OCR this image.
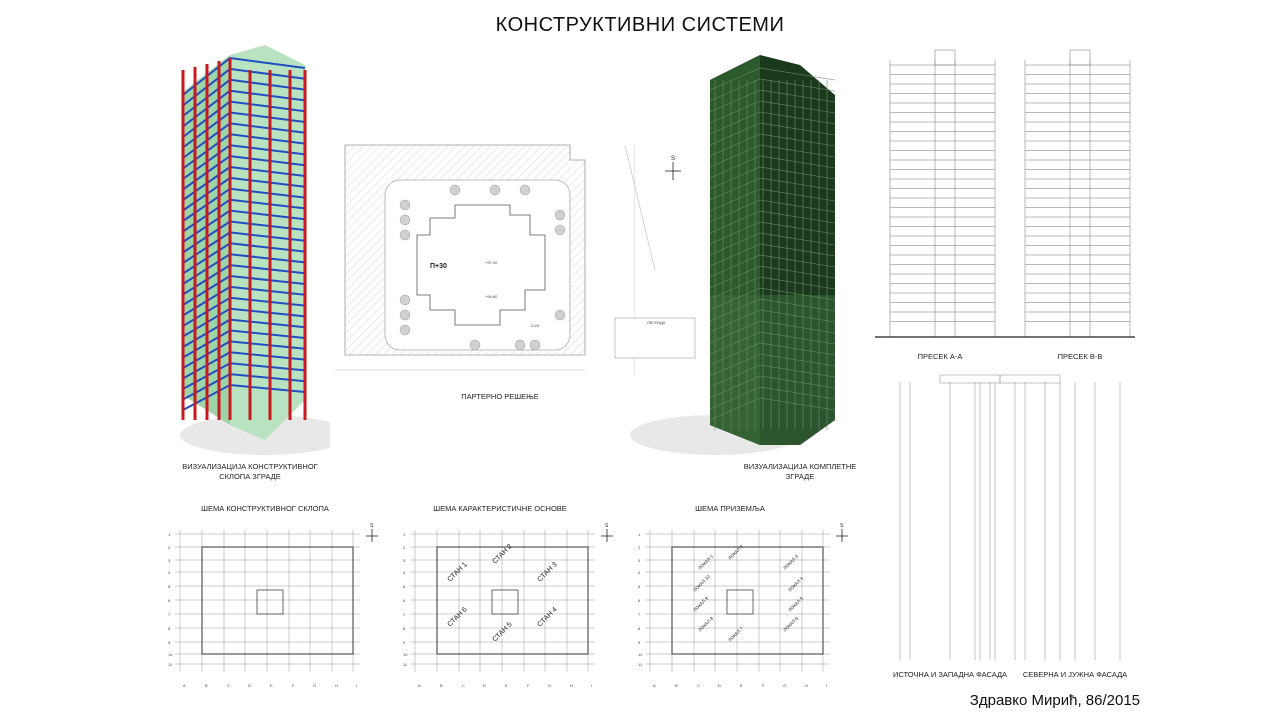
КОНСТРУКТИВНИ СИСТЕМИ
ВИЗУАЛИЗАЦИЈА КОНСТРУКТИВНОГ
СКЛОПА ЗГРАДЕ
П+30
+97.00
+94.80
-0.20
ПАРТЕРНО РЕШЕЊЕ
S
ЛЕГЕНДА
ВИЗУАЛИЗАЦИЈА КОМПЛЕТНЕ
ЗГРАДЕ
ПРЕСЕК А-А	ПРЕСЕК В-В
ИСТОЧНА И ЗАПАДНА ФАСАДА	СЕВЕРНА И ЈУЖНА ФАСАДА
ШЕМА КОНСТРУКТИВНОГ СКЛОПА	ШЕМА КАРАКТЕРИСТИЧНЕ ОСНОВЕ	ШЕМА ПРИЗЕМЉА
A	B	C	D	E	F	G	H	I
1
2
3
4
5
6
7
8
9
10
11
S
A	B	C	D	E	F	G	H	I
1
2
3
4
5
6
7
8
9
10
11
СТАН 1
СТАН 2
СТАН 3
СТАН 4
СТАН 5
СТАН 6
S
A	B	C	D	E	F	G	H	I
1
2
3
4
5
6
7
8
9
10
11
ЛОКАЛ 1
ЛОКАЛ 2
ЛОКАЛ 3
ЛОКАЛ 4
ЛОКАЛ 5
ЛОКАЛ 6
ЛОКАЛ 7
ЛОКАЛ 8
ЛОКАЛ 9
ЛОКАЛ 10
S
Здравко Мирић, 86/2015
